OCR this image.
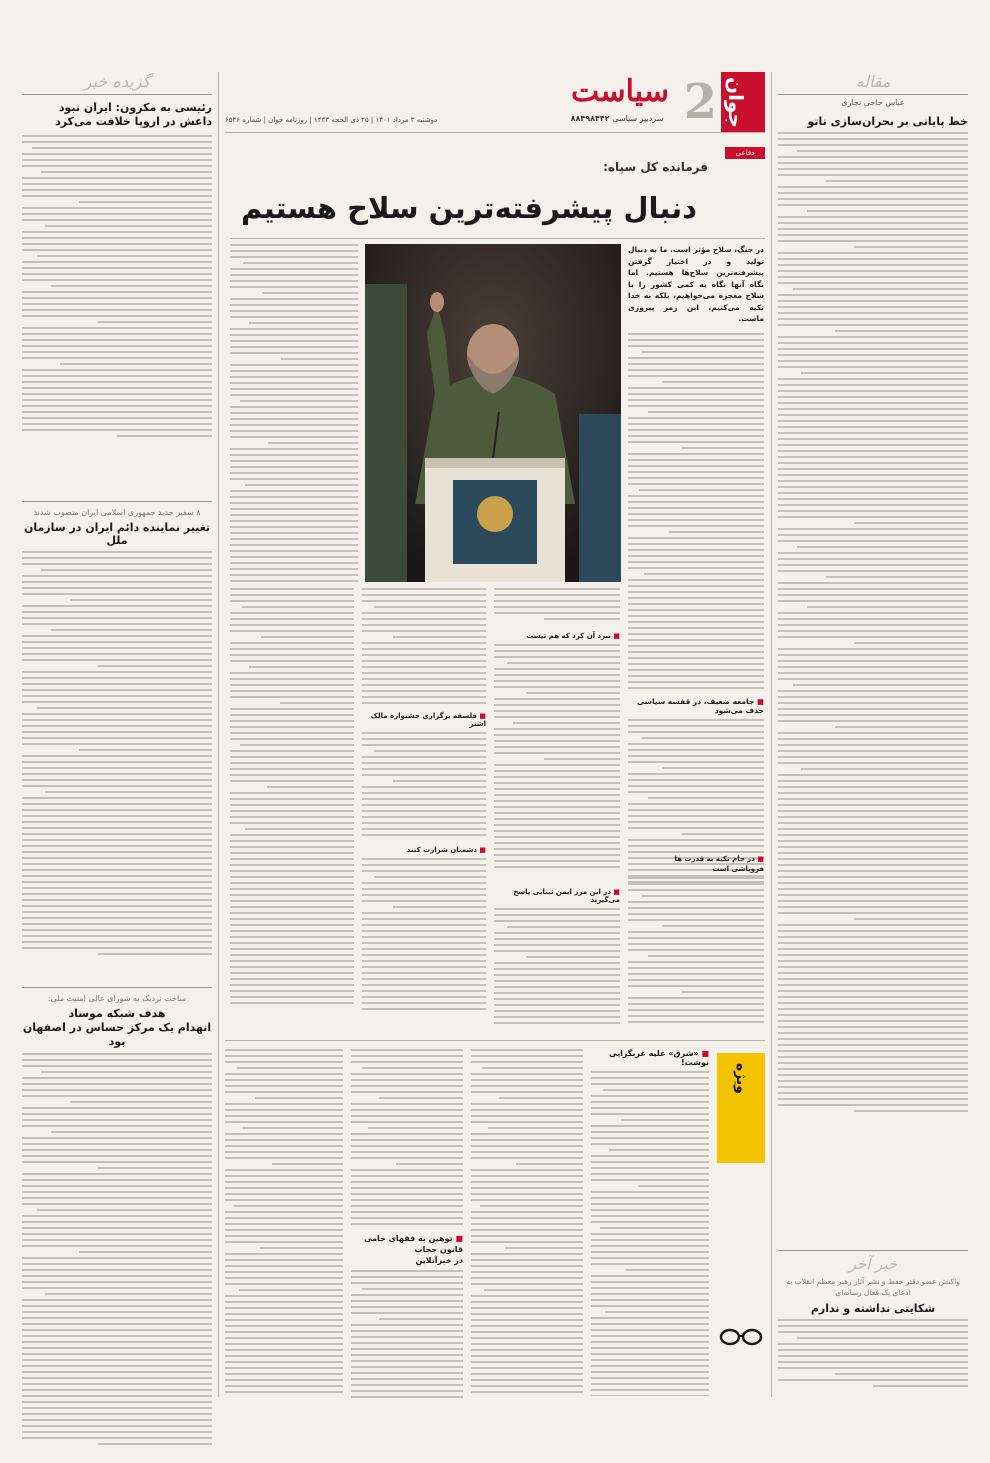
جوان
2
سیاست
سردبیر سیاسی ۸۸۴۹۸۴۴۲
دوشنبه ۳ مرداد ۱۴۰۱ | ۲۵ ذی الحجه ۱۴۴۳ | روزنامه جوان | شماره ۶۵۴۶
دفاعی
گزیده خبر
رئیسی به مکرون: ایران نبود
داعش در اروپا خلافت می‌کرد
۸ سفیر جدید جمهوری اسلامی ایران منصوب شدند
تغییر نماینده دائم ایران در سازمان ملل
ساخت نزدیک به شورای عالی امنیت ملی:
هدف شبکه موساد
انهدام یک مرکز حساس در اصفهان بود
مقاله
عباس حاجی نجاری
خط پایانی بر بحران‌سازی ناتو
خبر آخر
واکنش عضو دفتر حفظ و نشر آثار رهبر معظم انقلاب به ادعای یک فعال رسانه‌ای
شکایتی نداشته و ندارم
فرمانده کل سپاه:
دنبال پیشرفته‌ترین سلاح هستیم
در جنگ، سلاح مؤثر است. ما به دنبال تولید و در اختیار گرفتن پیشرفته‌ترین سلاح‌ها هستیم. اما نگاه آنها نگاه به کمی کشور را با سلاح معجزه می‌خواهیم، بلکه به خدا تکیه می‌کنیم، این رمز پیروزی ماست.
■ جامعه ضعیف، در قفسه سیاسی حذف می‌شود
مالک اشتر
■ فلسفه برگزاری جشنواره مالک اشتر
■ دشمنان شرارت کنند
■ نبرد آن کرد که هم تیست
■ در این مرز ایمن تبنایی پاسخ می‌گیرند
■ در جام تکیه به قدرت ها
فروپاشی است
ویژه
■ «شرق» علیه غربگرایی نوشت!
■ توهین به فقهای حامی قانون حجاب
در خبرآنلاین
